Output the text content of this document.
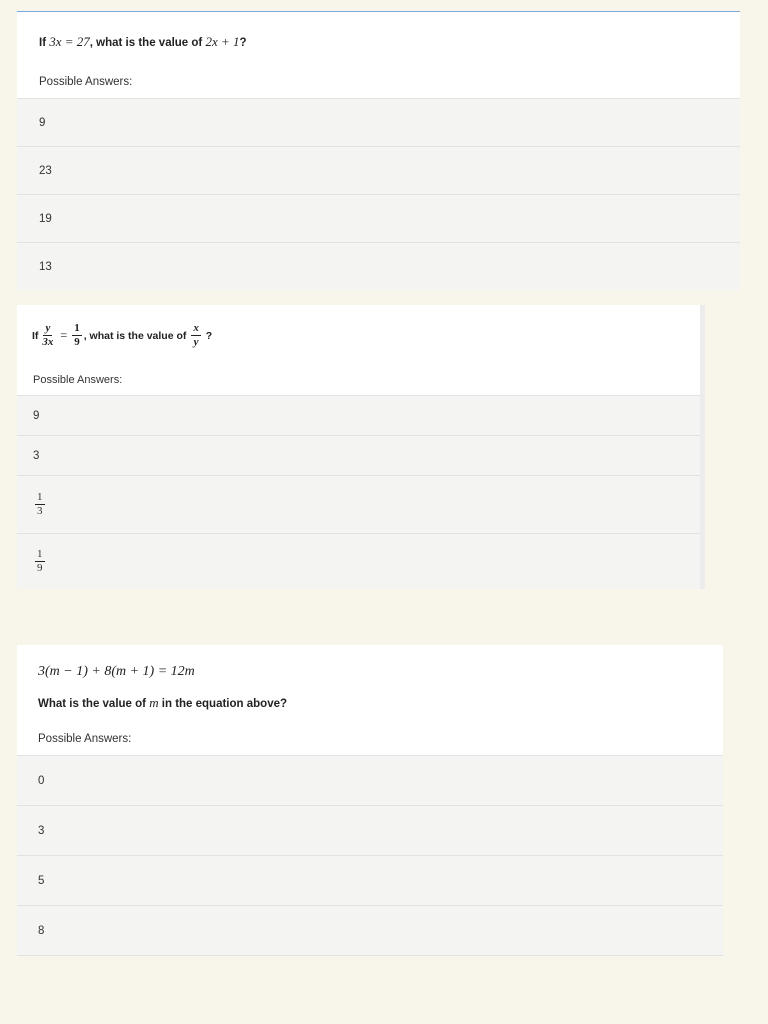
If 3x = 27, what is the value of 2x + 1?
Possible Answers:
9
23
19
13
If $\frac{y}{3x} = \frac{1}{9}$ , what is the value of $\frac{x}{y}$ ?
Possible Answers:
9
3
$\frac{1}{3}$
$\frac{1}{9}$
3(m − 1) + 8(m + 1) = 12m
What is the value of m in the equation above?
Possible Answers:
0
3
5
8
